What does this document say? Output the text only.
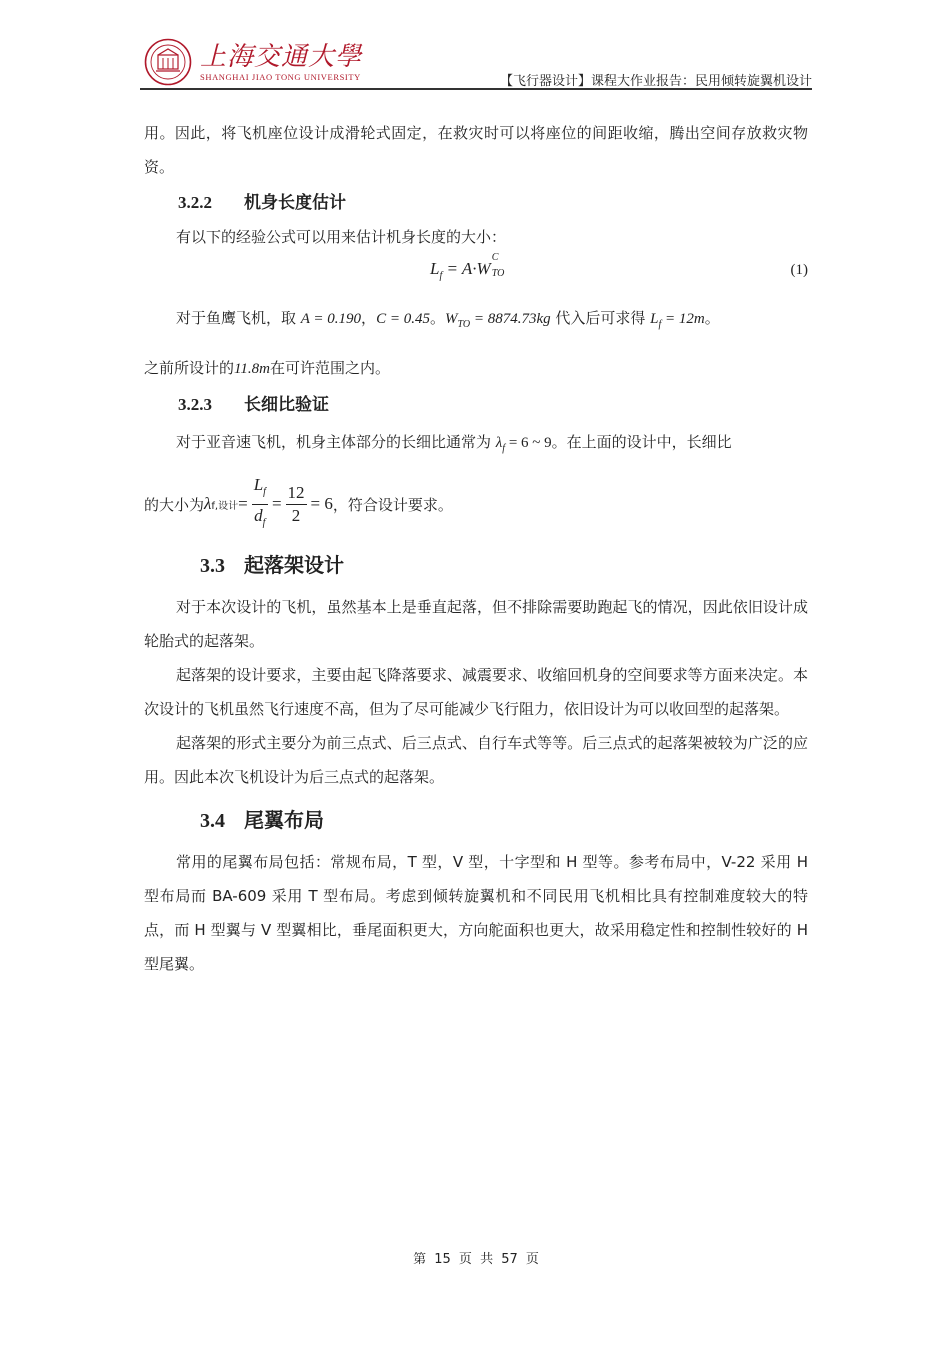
上海交通大學
SHANGHAI JIAO TONG UNIVERSITY	【飞行器设计】课程大作业报告：民用倾转旋翼机设计

用。因此，将飞机座位设计成滑轮式固定，在救灾时可以将座位的间距收缩，腾出空间存放救灾物资。

3.2.2 机身长度估计

有以下的经验公式可以用来估计机身长度的大小：

$L_f = A\cdot W$
C
TO	(1)

对于鱼鹰飞机，取 A = 0.190，C = 0.45。$W_{TO} = 8874.73kg$ 代入后可求得 $L_f = 12m$。

之前所设计的11.8m在可许范围之内。

3.2.3 长细比验证

对于亚音速飞机，机身主体部分的长细比通常为 $\lambda_f = 6$ ~ 9。在上面的设计中，长细比

的大小为 λ f,设计 = $\frac{L_f}{d_f} = \frac{12}{2} = 6$ ，符合设计要求。
3.3 起落架设计

对于本次设计的飞机，虽然基本上是垂直起落，但不排除需要助跑起飞的情况，因此依旧设计成轮胎式的起落架。

起落架的设计要求，主要由起飞降落要求、减震要求、收缩回机身的空间要求等方面来决定。本次设计的飞机虽然飞行速度不高，但为了尽可能减少飞行阻力，依旧设计为可以收回型的起落架。

起落架的形式主要分为前三点式、后三点式、自行车式等等。后三点式的起落架被较为广泛的应用。因此本次飞机设计为后三点式的起落架。

3.4 尾翼布局

常用的尾翼布局包括：常规布局，T 型，V 型，十字型和 H 型等。参考布局中，V-22 采用 H 型布局而 BA-609 采用 T 型布局。考虑到倾转旋翼机和不同民用飞机相比具有控制难度较大的特点，而 H 型翼与 V 型翼相比，垂尾面积更大，方向舵面积也更大，故采用稳定性和控制性较好的 H 型尾翼。

第 15 页 共 57 页
